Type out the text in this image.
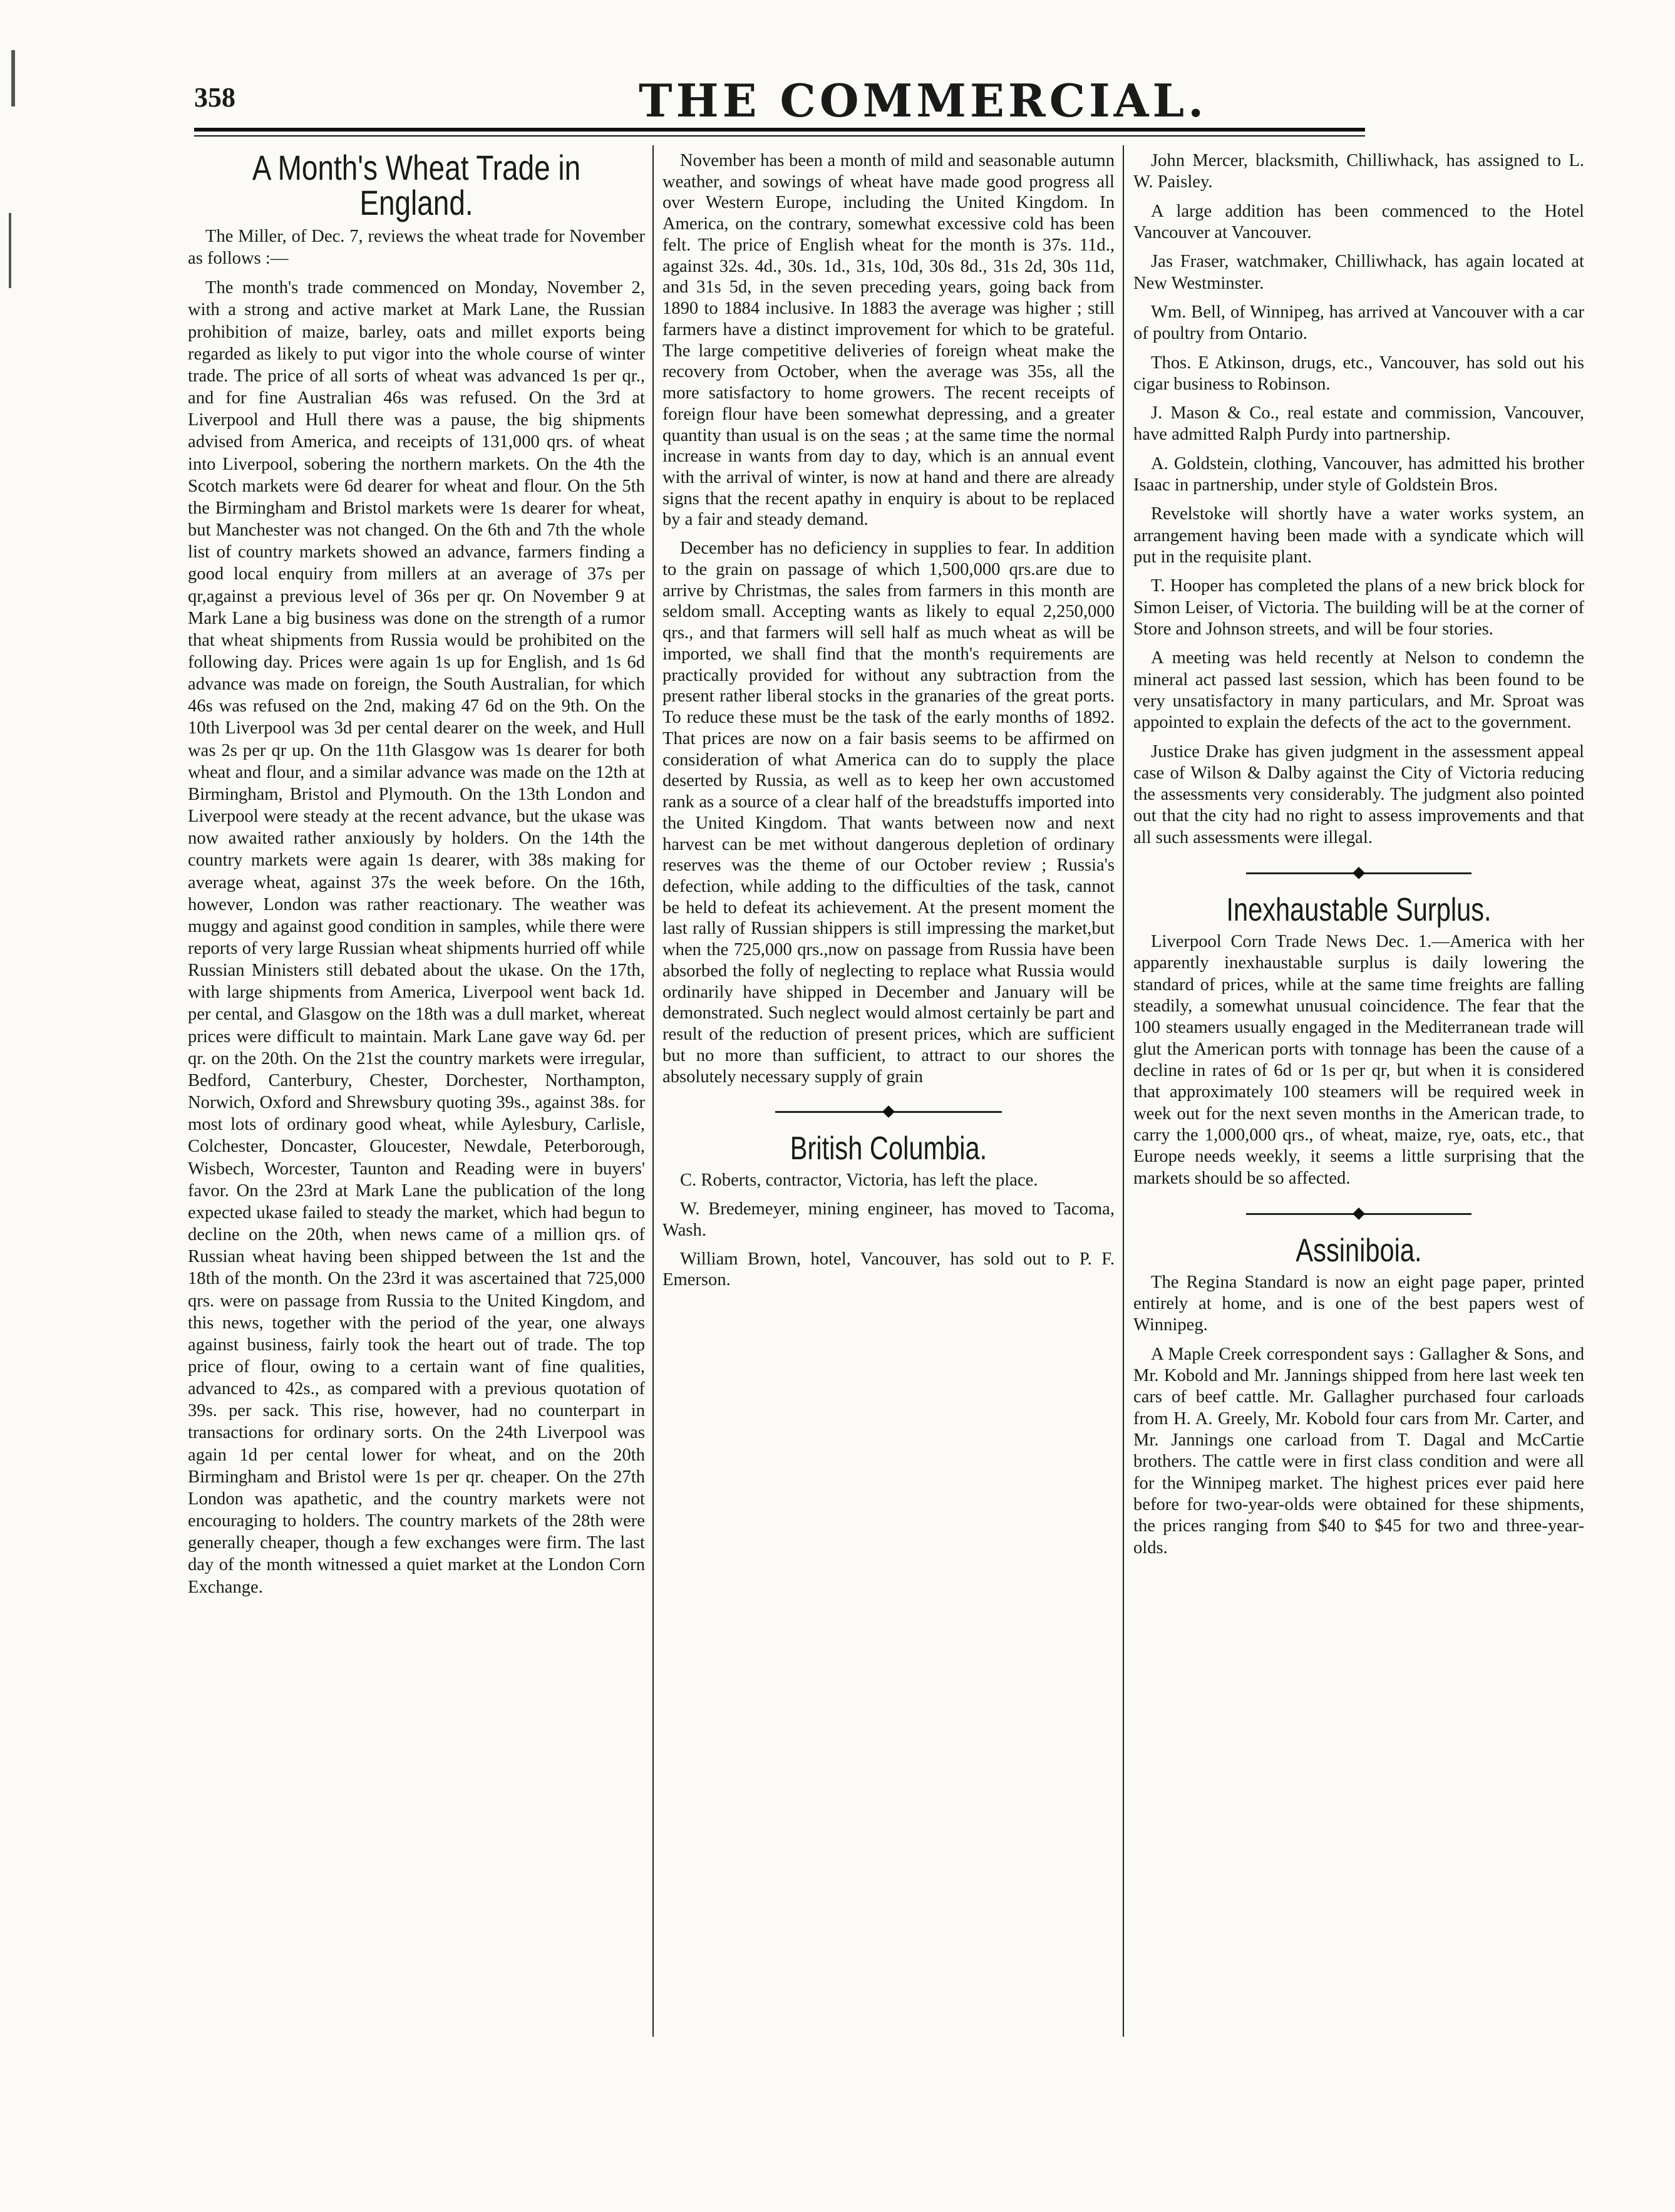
358	THE COMMERCIAL.
A Month's Wheat Trade in England.

The Miller, of Dec. 7, reviews the wheat trade for November as follows :—

The month's trade commenced on Monday, November 2, with a strong and active market at Mark Lane, the Russian prohibition of maize, barley, oats and millet exports being regarded as likely to put vigor into the whole course of winter trade. The price of all sorts of wheat was advanced 1s per qr., and for fine Australian 46s was refused. On the 3rd at Liverpool and Hull there was a pause, the big shipments advised from America, and receipts of 131,000 qrs. of wheat into Liverpool, sobering the northern markets. On the 4th the Scotch markets were 6d dearer for wheat and flour. On the 5th the Birmingham and Bristol markets were 1s dearer for wheat, but Manchester was not changed. On the 6th and 7th the whole list of country markets showed an advance, farmers finding a good local enquiry from millers at an average of 37s per qr,against a previous level of 36s per qr. On November 9 at Mark Lane a big business was done on the strength of a rumor that wheat shipments from Russia would be prohibited on the following day. Prices were again 1s up for English, and 1s 6d advance was made on foreign, the South Australian, for which 46s was refused on the 2nd, making 47 6d on the 9th. On the 10th Liverpool was 3d per cental dearer on the week, and Hull was 2s per qr up. On the 11th Glasgow was 1s dearer for both wheat and flour, and a similar advance was made on the 12th at Birmingham, Bristol and Plymouth. On the 13th London and Liverpool were steady at the recent advance, but the ukase was now awaited rather anxiously by holders. On the 14th the country markets were again 1s dearer, with 38s making for average wheat, against 37s the week before. On the 16th, however, London was rather reactionary. The weather was muggy and against good condition in samples, while there were reports of very large Russian wheat shipments hurried off while Russian Ministers still debated about the ukase. On the 17th, with large shipments from America, Liverpool went back 1d. per cental, and Glasgow on the 18th was a dull market, whereat prices were difficult to maintain. Mark Lane gave way 6d. per qr. on the 20th. On the 21st the country markets were irregular, Bedford, Canterbury, Chester, Dorchester, Northampton, Norwich, Oxford and Shrewsbury quoting 39s., against 38s. for most lots of ordinary good wheat, while Aylesbury, Carlisle, Colchester, Doncaster, Gloucester, Newdale, Peterborough, Wisbech, Worcester, Taunton and Reading were in buyers' favor. On the 23rd at Mark Lane the publication of the long expected ukase failed to steady the market, which had begun to decline on the 20th, when news came of a million qrs. of Russian wheat having been shipped between the 1st and the 18th of the month. On the 23rd it was ascertained that 725,000 qrs. were on passage from Russia to the United Kingdom, and this news, together with the period of the year, one always against business, fairly took the heart out of trade. The top price of flour, owing to a certain want of fine qualities, advanced to 42s., as compared with a previous quotation of 39s. per sack. This rise, however, had no counterpart in transactions for ordinary sorts. On the 24th Liverpool was again 1d per cental lower for wheat, and on the 20th Birmingham and Bristol were 1s per qr. cheaper. On the 27th London was apathetic, and the country markets were not encouraging to holders. The country markets of the 28th were generally cheaper, though a few exchanges were firm. The last day of the month witnessed a quiet market at the London Corn Exchange.

November has been a month of mild and seasonable autumn weather, and sowings of wheat have made good progress all over Western Europe, including the United Kingdom. In America, on the contrary, somewhat excessive cold has been felt. The price of English wheat for the month is 37s. 11d., against 32s. 4d., 30s. 1d., 31s, 10d, 30s 8d., 31s 2d, 30s 11d, and 31s 5d, in the seven preceding years, going back from 1890 to 1884 inclusive. In 1883 the average was higher ; still farmers have a distinct improvement for which to be grateful. The large competitive deliveries of foreign wheat make the recovery from October, when the average was 35s, all the more satisfactory to home growers. The recent receipts of foreign flour have been somewhat depressing, and a greater quantity than usual is on the seas ; at the same time the normal increase in wants from day to day, which is an annual event with the arrival of winter, is now at hand and there are already signs that the recent apathy in enquiry is about to be replaced by a fair and steady demand.

December has no deficiency in supplies to fear. In addition to the grain on passage of which 1,500,000 qrs.are due to arrive by Christmas, the sales from farmers in this month are seldom small. Accepting wants as likely to equal 2,250,000 qrs., and that farmers will sell half as much wheat as will be imported, we shall find that the month's requirements are practically provided for without any subtraction from the present rather liberal stocks in the granaries of the great ports. To reduce these must be the task of the early months of 1892. That prices are now on a fair basis seems to be affirmed on consideration of what America can do to supply the place deserted by Russia, as well as to keep her own accustomed rank as a source of a clear half of the breadstuffs imported into the United Kingdom. That wants between now and next harvest can be met without dangerous depletion of ordinary reserves was the theme of our October review ; Russia's defection, while adding to the difficulties of the task, cannot be held to defeat its achievement. At the present moment the last rally of Russian shippers is still impressing the market,but when the 725,000 qrs.,now on passage from Russia have been absorbed the folly of neglecting to replace what Russia would ordinarily have shipped in December and January will be demonstrated. Such neglect would almost certainly be part and result of the reduction of present prices, which are sufficient but no more than sufficient, to attract to our shores the absolutely necessary supply of grain

British Columbia.

C. Roberts, contractor, Victoria, has left the place.

W. Bredemeyer, mining engineer, has moved to Tacoma, Wash.

William Brown, hotel, Vancouver, has sold out to P. F. Emerson.

John Mercer, blacksmith, Chilliwhack, has assigned to L. W. Paisley.

A large addition has been commenced to the Hotel Vancouver at Vancouver.

Jas Fraser, watchmaker, Chilliwhack, has again located at New Westminster.

Wm. Bell, of Winnipeg, has arrived at Vancouver with a car of poultry from Ontario.

Thos. E Atkinson, drugs, etc., Vancouver, has sold out his cigar business to Robinson.

J. Mason & Co., real estate and commission, Vancouver, have admitted Ralph Purdy into partnership.

A. Goldstein, clothing, Vancouver, has admitted his brother Isaac in partnership, under style of Goldstein Bros.

Revelstoke will shortly have a water works system, an arrangement having been made with a syndicate which will put in the requisite plant.

T. Hooper has completed the plans of a new brick block for Simon Leiser, of Victoria. The building will be at the corner of Store and Johnson streets, and will be four stories.

A meeting was held recently at Nelson to condemn the mineral act passed last session, which has been found to be very unsatisfactory in many particulars, and Mr. Sproat was appointed to explain the defects of the act to the government.

Justice Drake has given judgment in the assessment appeal case of Wilson & Dalby against the City of Victoria reducing the assessments very considerably. The judgment also pointed out that the city had no right to assess improvements and that all such assessments were illegal.

Inexhaustable Surplus.

Liverpool Corn Trade News Dec. 1.—America with her apparently inexhaustable surplus is daily lowering the standard of prices, while at the same time freights are falling steadily, a somewhat unusual coincidence. The fear that the 100 steamers usually engaged in the Mediterranean trade will glut the American ports with tonnage has been the cause of a decline in rates of 6d or 1s per qr, but when it is considered that approximately 100 steamers will be required week in week out for the next seven months in the American trade, to carry the 1,000,000 qrs., of wheat, maize, rye, oats, etc., that Europe needs weekly, it seems a little surprising that the markets should be so affected.

Assiniboia.

The Regina Standard is now an eight page paper, printed entirely at home, and is one of the best papers west of Winnipeg.

A Maple Creek correspondent says : Gallagher & Sons, and Mr. Kobold and Mr. Jannings shipped from here last week ten cars of beef cattle. Mr. Gallagher purchased four carloads from H. A. Greely, Mr. Kobold four cars from Mr. Carter, and Mr. Jannings one carload from T. Dagal and McCartie brothers. The cattle were in first class condition and were all for the Winnipeg market. The highest prices ever paid here before for two-year-olds were obtained for these shipments, the prices ranging from $40 to $45 for two and three-year-olds.
